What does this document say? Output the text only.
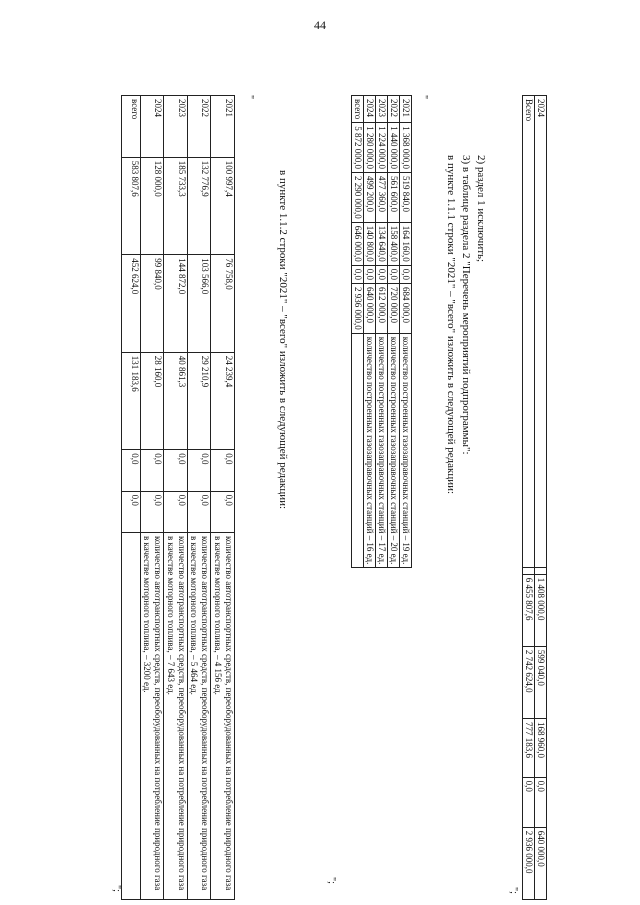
44
2024		1 408 000,0	599 040,0	168 960,0	0,0	640 000,0
Всего		6 455 807,6	2 742 624,0	777 183,6	0,0	2 936 000,0
";
2) раздел 1 исключить;
3) в таблице раздела 2 "Перечень мероприятий подпрограммы":
в пункте 1.1.1 строки "2021" – "всего" изложить в следующей редакции:
"
2021	1 368 000,0	519 840,0	164 160,0	0,0	684 000,0	количество построенных газозаправочных станций – 19 ед.
2022	1 440 000,0	561 600,0	158 400,0	0,0	720 000,0	количество построенных газозаправочных станций – 20 ед.
2023	1 224 000,0	477 360,0	134 640,0	0,0	612 000,0	количество построенных газозаправочных станций – 17 ед.
2024	1 280 000,0	499 200,0	140 800,0	0,0	640 000,0	количество построенных газозаправочных станций – 16 ед.
всего	5 872 000,0	2 290 000,0	646 000,0	0,0	2 936 000,0	
";
в пункте 1.1.2 строки "2021" – "всего" изложить в следующей редакции:
"
2021	100 997,4	76 758,0	24 239,4	0,0	0,0	количество автотранспортных средств, переоборудованных на потребление природного газа в качестве моторного топлива, – 4 156 ед.
2022	132 776,9	103 566,0	29 210,9	0,0	0,0	количество автотранспортных средств, переоборудованных на потребление природного газа в качестве моторного топлива, – 5 464 ед.
2023	185 733,3	144 872,0	40 861,3	0,0	0,0	количество автотранспортных средств, переоборудованных на потребление природного газа в качестве моторного топлива, – 7 643 ед.
2024	128 000,0	99 840,0	28 160,0	0,0	0,0	количество автотранспортных средств, переоборудованных на потребление природного газа в качестве моторного топлива, – 3200 ед.
всего	583 807,6	452 624,0	131 183,6	0,0	0,0	
";
